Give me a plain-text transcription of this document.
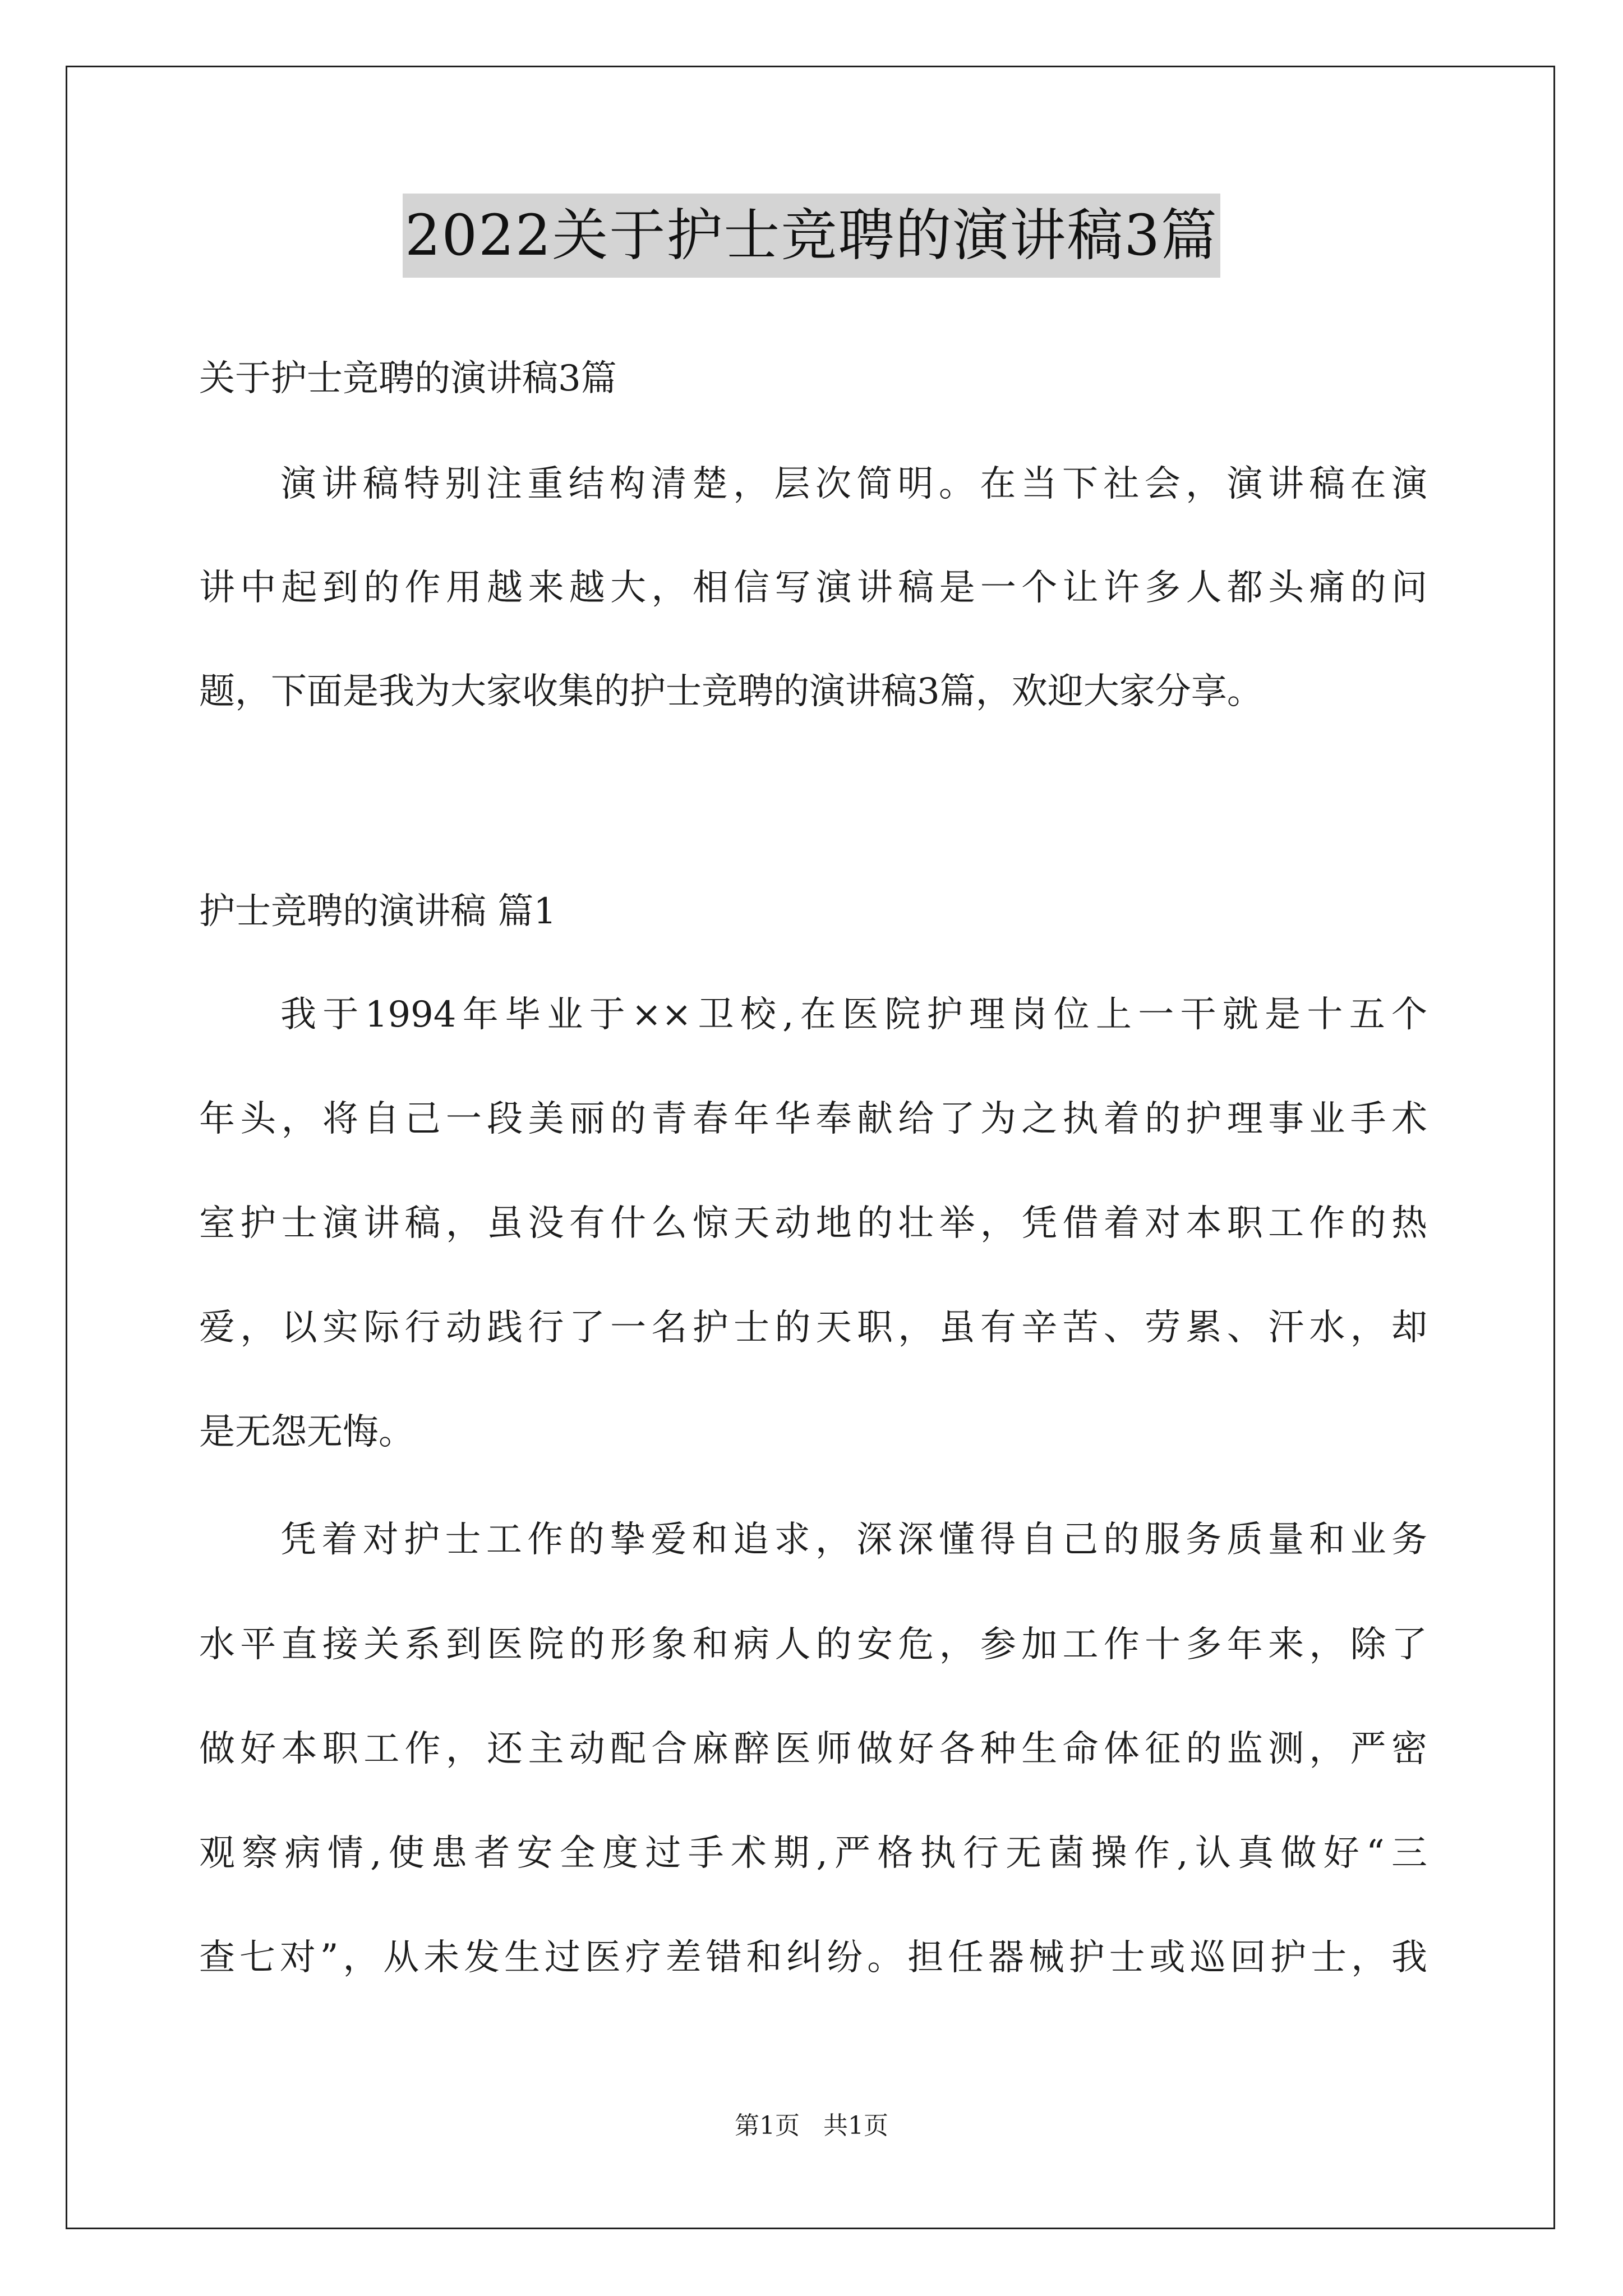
2022关于护士竞聘的演讲稿3篇
关于护士竞聘的演讲稿3篇
演讲稿特别注重结构清楚，层次简明。在当下社会，演讲稿在演
讲中起到的作用越来越大，相信写演讲稿是一个让许多人都头痛的问
题，下面是我为大家收集的护士竞聘的演讲稿3篇，欢迎大家分享。
护士竞聘的演讲稿 篇1
我于1994年毕业于××卫校,在医院护理岗位上一干就是十五个
年头，将自己一段美丽的青春年华奉献给了为之执着的护理事业手术
室护士演讲稿，虽没有什么惊天动地的壮举，凭借着对本职工作的热
爱，以实际行动践行了一名护士的天职，虽有辛苦、劳累、汗水，却
是无怨无悔。
凭着对护士工作的挚爱和追求，深深懂得自己的服务质量和业务
水平直接关系到医院的形象和病人的安危，参加工作十多年来，除了
做好本职工作，还主动配合麻醉医师做好各种生命体征的监测，严密
观察病情,使患者安全度过手术期,严格执行无菌操作,认真做好“三
查七对”，从未发生过医疗差错和纠纷。担任器械护士或巡回护士，我
第1页   共1页
